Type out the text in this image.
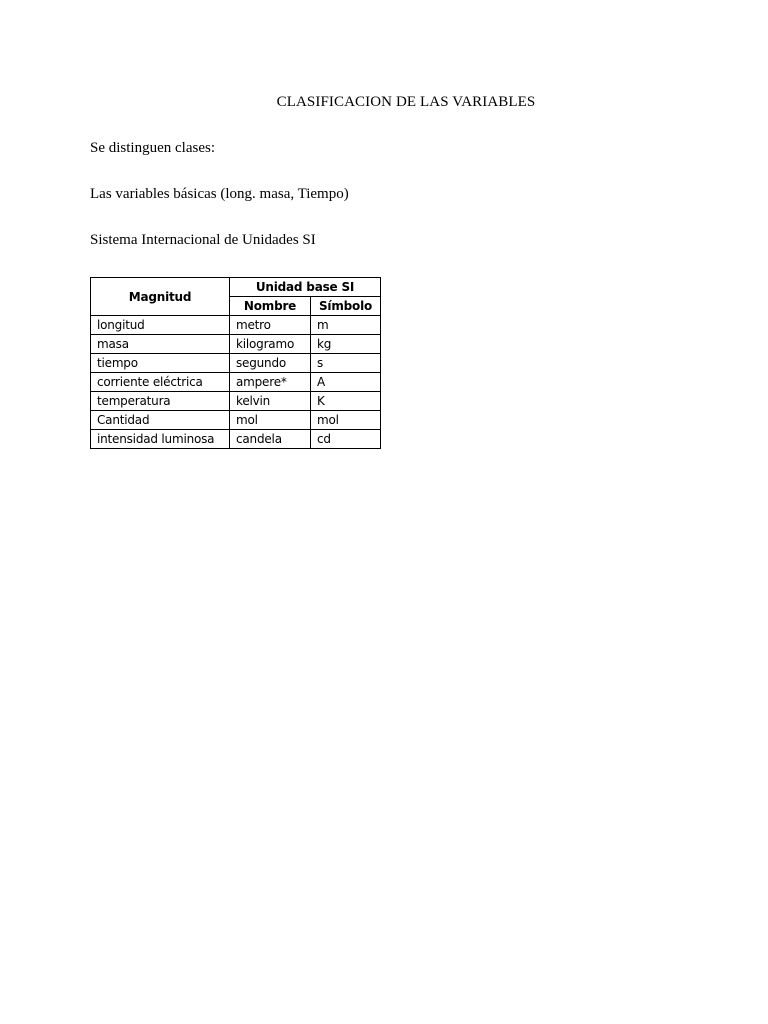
CLASIFICACION DE LAS VARIABLES
Se distinguen clases:
Las variables básicas (long. masa, Tiempo)
Sistema Internacional de Unidades SI
Magnitud	Unidad base SI	
	Nombre	Símbolo
longitud	metro	m
masa	kilogramo	kg
tiempo	segundo	s
corriente eléctrica	ampere*	A
temperatura	kelvin	K
Cantidad	mol	mol
intensidad luminosa	candela	cd
